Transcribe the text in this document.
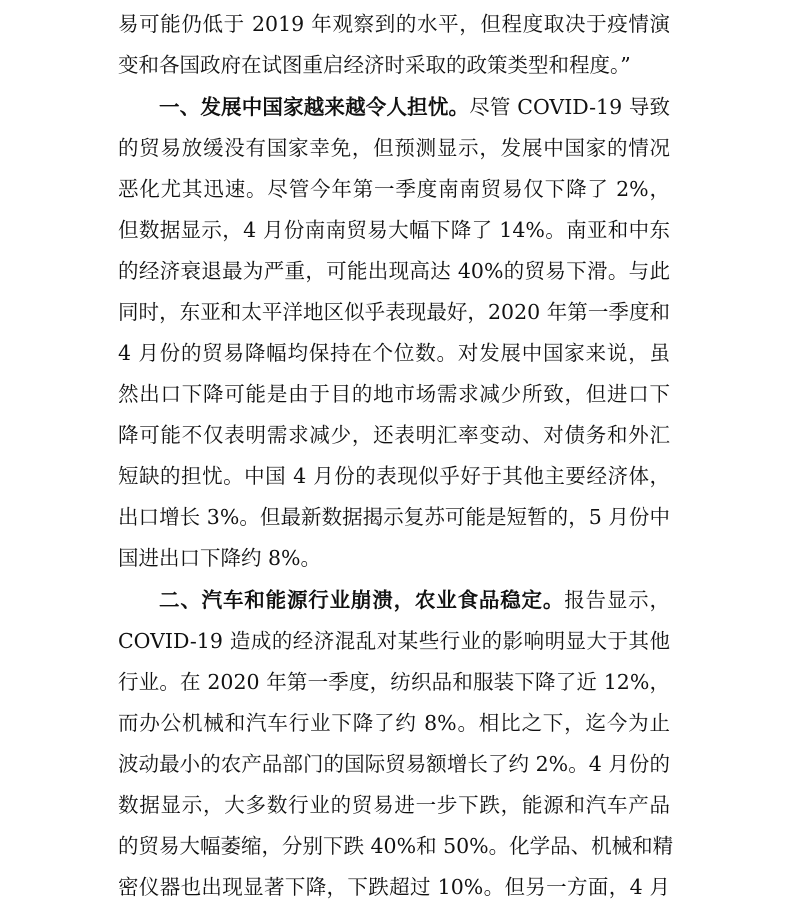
易可能仍低于 2019 年观察到的水平，但程度取决于疫情演
变和各国政府在试图重启经济时采取的政策类型和程度。”
一、发展中国家越来越令人担忧。尽管 COVID-19 导致
的贸易放缓没有国家幸免，但预测显示，发展中国家的情况
恶化尤其迅速。尽管今年第一季度南南贸易仅下降了 2%，
但数据显示，4 月份南南贸易大幅下降了 14%。南亚和中东
的经济衰退最为严重，可能出现高达 40%的贸易下滑。与此
同时，东亚和太平洋地区似乎表现最好，2020 年第一季度和
4 月份的贸易降幅均保持在个位数。对发展中国家来说，虽
然出口下降可能是由于目的地市场需求减少所致，但进口下
降可能不仅表明需求减少，还表明汇率变动、对债务和外汇
短缺的担忧。中国 4 月份的表现似乎好于其他主要经济体，
出口增长 3%。但最新数据揭示复苏可能是短暂的，5 月份中
国进出口下降约 8%。
二、汽车和能源行业崩溃，农业食品稳定。报告显示，
COVID-19 造成的经济混乱对某些行业的影响明显大于其他
行业。在 2020 年第一季度，纺织品和服装下降了近 12%，
而办公机械和汽车行业下降了约 8%。相比之下，迄今为止
波动最小的农产品部门的国际贸易额增长了约 2%。4 月份的
数据显示，大多数行业的贸易进一步下跌，能源和汽车产品
的贸易大幅萎缩，分别下跌 40%和 50%。化学品、机械和精
密仪器也出现显著下降，下跌超过 10%。但另一方面，4 月
